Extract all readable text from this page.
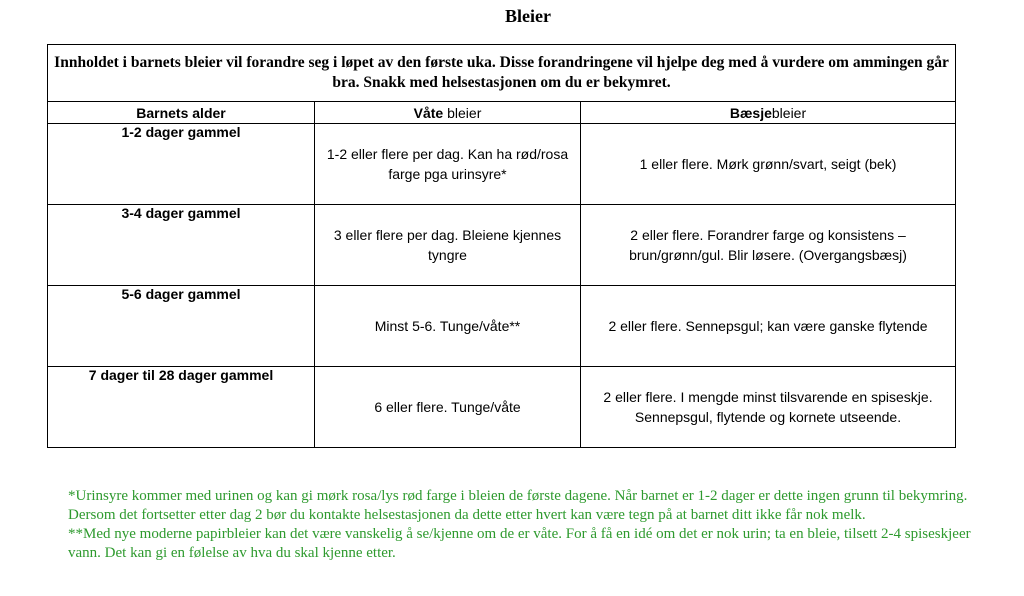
Bleier
Innholdet i barnets bleier vil forandre seg i løpet av den første uka. Disse forandringene vil hjelpe deg med å vurdere om ammingen går bra. Snakk med helsestasjonen om du er bekymret.		
Barnets alder	Våte bleier	Bæsjebleier
1-2 dager gammel	1-2 eller flere per dag. Kan ha rød/rosa farge pga urinsyre*	1 eller flere. Mørk grønn/svart, seigt (bek)
3-4 dager gammel	3 eller flere per dag. Bleiene kjennes tyngre	2 eller flere. Forandrer farge og konsistens – brun/grønn/gul. Blir løsere. (Overgangsbæsj)
5-6 dager gammel	Minst 5-6. Tunge/våte**	2 eller flere. Sennepsgul; kan være ganske flytende
7 dager til 28 dager gammel	6 eller flere. Tunge/våte	2 eller flere. I mengde minst tilsvarende en spiseskje. Sennepsgul, flytende og kornete utseende.

*Urinsyre kommer med urinen og kan gi mørk rosa/lys rød farge i bleien de første dagene. Når barnet er 1-2 dager er dette ingen grunn til bekymring. Dersom det fortsetter etter dag 2 bør du kontakte helsestasjonen da dette etter hvert kan være tegn på at barnet ditt ikke får nok melk.

**Med nye moderne papirbleier kan det være vanskelig å se/kjenne om de er våte. For å få en idé om det er nok urin; ta en bleie, tilsett 2-4 spiseskjeer vann. Det kan gi en følelse av hva du skal kjenne etter.
